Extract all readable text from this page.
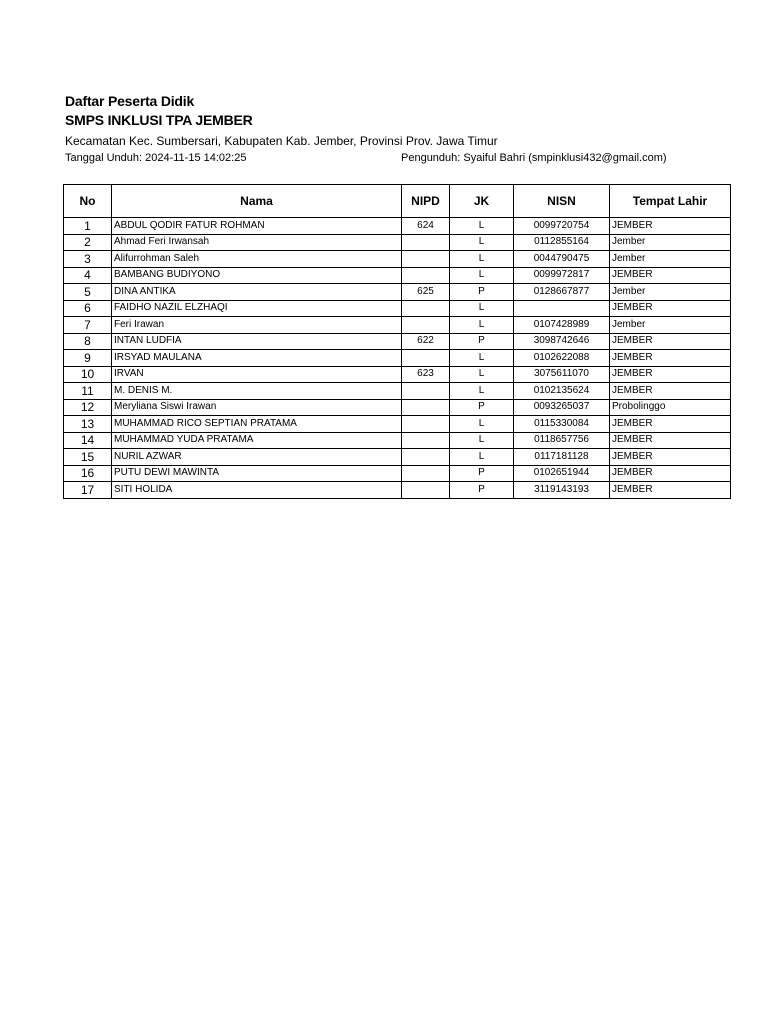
Daftar Peserta Didik
SMPS INKLUSI TPA JEMBER
Kecamatan Kec. Sumbersari, Kabupaten Kab. Jember, Provinsi Prov. Jawa Timur
Tanggal Unduh: 2024-11-15 14:02:25	Pengunduh: Syaiful Bahri (smpinklusi432@gmail.com)
No	Nama	NIPD	JK	NISN	Tempat Lahir
1	ABDUL QODIR FATUR ROHMAN	624	L	0099720754	JEMBER
2	Ahmad Feri Irwansah		L	0112855164	Jember
3	Alifurrohman Saleh		L	0044790475	Jember
4	BAMBANG BUDIYONO		L	0099972817	JEMBER
5	DINA ANTIKA	625	P	0128667877	Jember
6	FAIDHO NAZIL ELZHAQI		L		JEMBER
7	Feri Irawan		L	0107428989	Jember
8	INTAN LUDFIA	622	P	3098742646	JEMBER
9	IRSYAD MAULANA		L	0102622088	JEMBER
10	IRVAN	623	L	3075611070	JEMBER
11	M. DENIS M.		L	0102135624	JEMBER
12	Meryliana Siswi Irawan		P	0093265037	Probolinggo
13	MUHAMMAD RICO SEPTIAN PRATAMA		L	0115330084	JEMBER
14	MUHAMMAD YUDA PRATAMA		L	0118657756	JEMBER
15	NURIL AZWAR		L	0117181128	JEMBER
16	PUTU DEWI MAWINTA		P	0102651944	JEMBER
17	SITI HOLIDA		P	3119143193	JEMBER
